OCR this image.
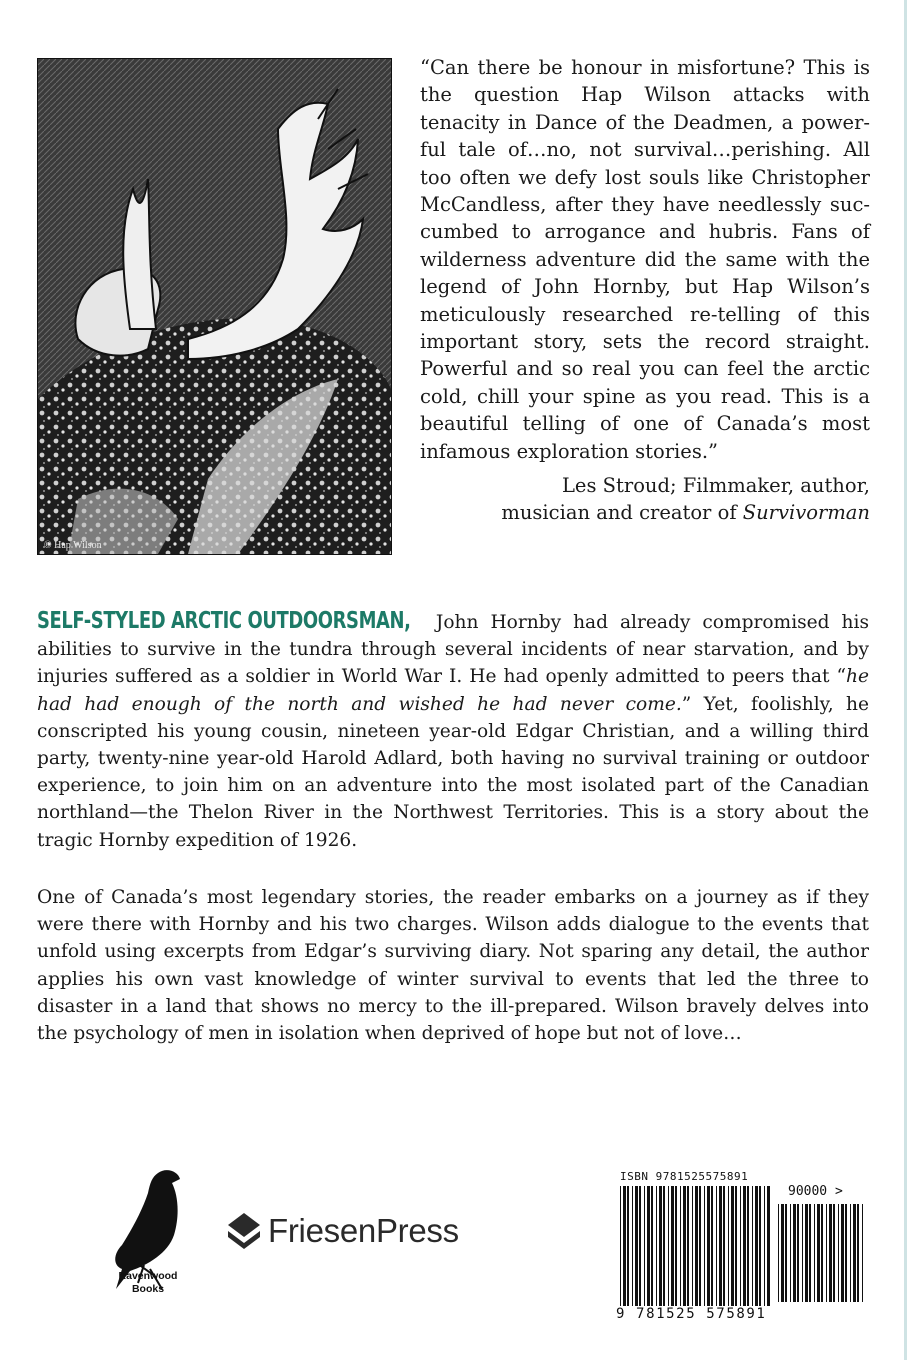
© Hap Wilson
“Can there be honour in misfortune? This is the question Hap Wilson attacks with tenacity in Dance of the Deadmen, a powerful tale of…no, not survival…perishing. All too often we defy lost souls like Christopher McCandless, after they have needlessly succumbed to arrogance and hubris. Fans of wilderness adventure did the same with the legend of John Hornby, but Hap Wilson’s meticulously researched re-telling of this important story, sets the record straight. Powerful and so real you can feel the arctic cold, chill your spine as you read. This is a beautiful telling of one of Canada’s most infamous exploration stories.”
Les Stroud; Filmmaker, author,
musician and creator of Survivorman
SELF-STYLED ARCTIC OUTDOORSMAN, John Hornby had already compromised his abilities to survive in the tundra through several incidents of near starvation, and by injuries suffered as a soldier in World War I. He had openly admitted to peers that “he had had enough of the north and wished he had never come.” Yet, foolishly, he conscripted his young cousin, nineteen year-old Edgar Christian, and a willing third party, twenty-nine year-old Harold Adlard, both having no survival training or outdoor experience, to join him on an adventure into the most isolated part of the Canadian northland—the Thelon River in the Northwest Territories. This is a story about the tragic Hornby expedition of 1926.
One of Canada’s most legendary stories, the reader embarks on a journey as if they were there with Hornby and his two charges. Wilson adds dialogue to the events that unfold using excerpts from Edgar’s surviving diary. Not sparing any detail, the author applies his own vast knowledge of winter survival to events that led the three to disaster in a land that shows no mercy to the ill-prepared. Wilson bravely delves into the psychology of men in isolation when deprived of hope but not of love…
Ravenwood
Books
FriesenPress
ISBN 9781525575891
90000 >
9 781525 575891
